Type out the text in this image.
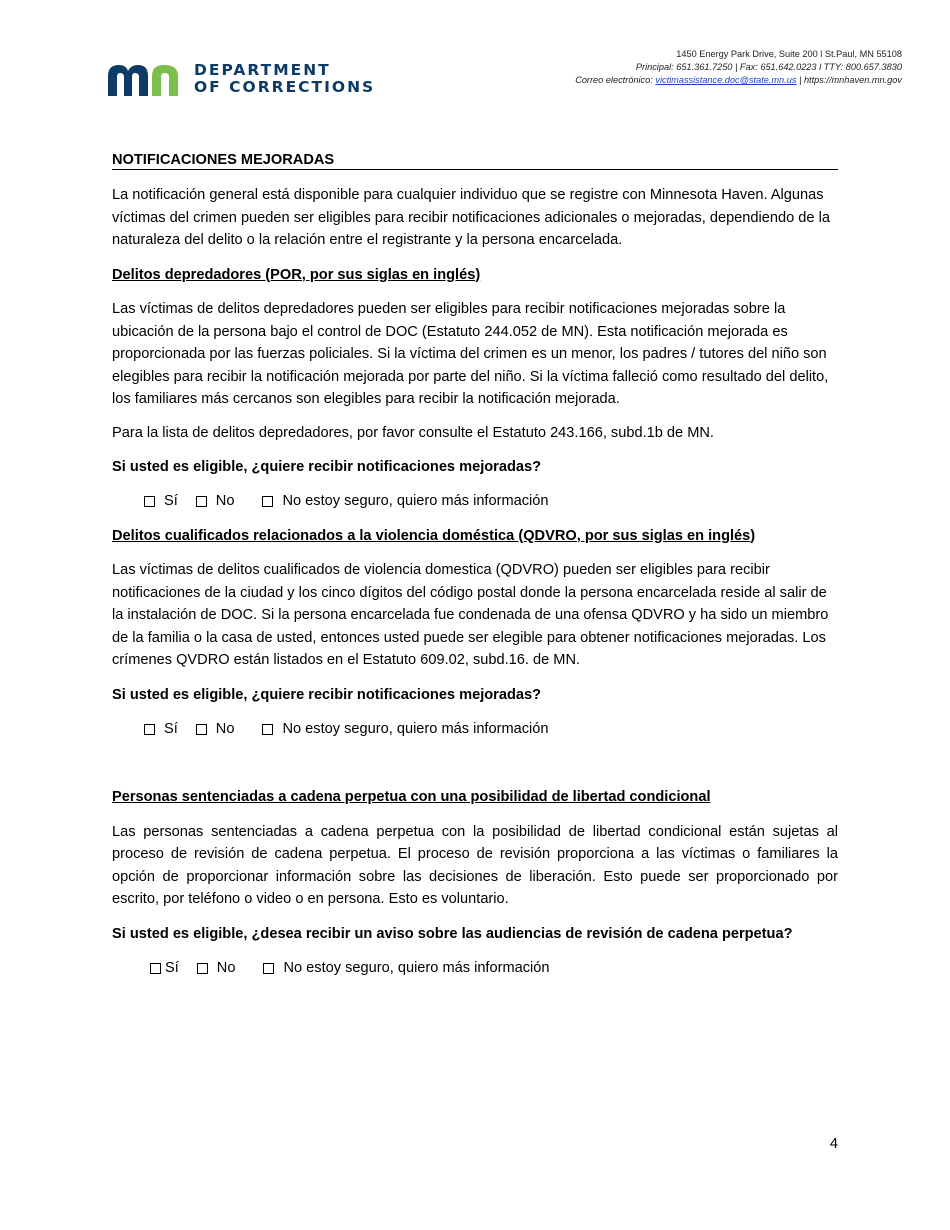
DEPARTMENT
OF CORRECTIONS
1450 Energy Park Drive, Suite 200 l St.Paul, MN 55108
Principal: 651.361.7250 | Fax: 651.642.0223 l TTY: 800.657.3830
Correo electrónico: victimassistance.doc@state.mn.us | https://mnhaven.mn.gov
NOTIFICACIONES MEJORADAS

La notificación general está disponible para cualquier individuo que se registre con Minnesota Haven. Algunas víctimas del crimen pueden ser eligibles para recibir notificaciones adicionales o mejoradas, dependiendo de la naturaleza del delito o la relación entre el registrante y la persona encarcelada.

Delitos depredadores (POR, por sus siglas en inglés)

Las víctimas de delitos depredadores pueden ser eligibles para recibir notificaciones mejoradas sobre la ubicación de la persona bajo el control de DOC (Estatuto 244.052 de MN). Esta notificación mejorada es proporcionada por las fuerzas policiales. Si la víctima del crimen es un menor, los padres / tutores del niño son elegibles para recibir la notificación mejorada por parte del niño. Si la víctima falleció como resultado del delito, los familiares más cercanos son elegibles para recibir la notificación mejorada.

Para la lista de delitos depredadores, por favor consulte el Estatuto 243.166, subd.1b de MN.

Si usted es eligible, ¿quiere recibir notificaciones mejoradas?
Sí	No	No estoy seguro, quiero más información
Delitos cualificados relacionados a la violencia doméstica (QDVRO, por sus siglas en inglés)

Las víctimas de delitos cualificados de violencia domestica (QDVRO) pueden ser eligibles para recibir notificaciones de la ciudad y los cinco dígitos del código postal donde la persona encarcelada reside al salir de la instalación de DOC. Si la persona encarcelada fue condenada de una ofensa QDVRO y ha sido un miembro de la familia o la casa de usted, entonces usted puede ser elegible para obtener notificaciones mejoradas. Los crímenes QVDRO están listados en el Estatuto 609.02, subd.16. de MN.

Si usted es eligible, ¿quiere recibir notificaciones mejoradas?
Sí	No	No estoy seguro, quiero más información
Personas sentenciadas a cadena perpetua con una posibilidad de libertad condicional

Las personas sentenciadas a cadena perpetua con la posibilidad de libertad condicional están sujetas al proceso de revisión de cadena perpetua. El proceso de revisión proporciona a las víctimas o familiares la opción de proporcionar información sobre las decisiones de liberación. Esto puede ser proporcionado por escrito, por teléfono o video o en persona. Esto es voluntario.

Si usted es eligible, ¿desea recibir un aviso sobre las audiencias de revisión de cadena perpetua?
Sí	No	No estoy seguro, quiero más información
4
